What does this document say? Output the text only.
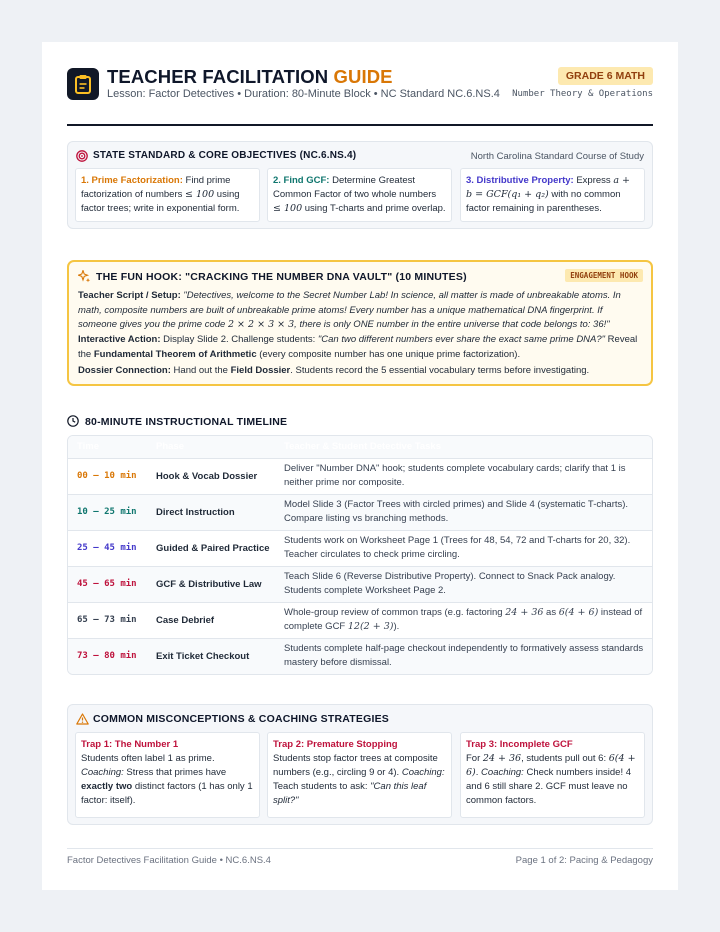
TEACHER FACILITATION GUIDE
Lesson: Factor Detectives • Duration: 80-Minute Block • NC Standard NC.6.NS.4
GRADE 6 MATH
Number Theory & Operations
STATE STANDARD & CORE OBJECTIVES (NC.6.NS.4)	North Carolina Standard Course of Study
1. Prime Factorization: Find prime factorization of numbers ≤ 100 using factor trees; write in exponential form.
2. Find GCF: Determine Greatest Common Factor of two whole numbers ≤ 100 using T-charts and prime overlap.
3. Distributive Property: Express a + b = GCF(q₁ + q₂) with no common factor remaining in parentheses.
THE FUN HOOK: "CRACKING THE NUMBER DNA VAULT" (10 MINUTES)	ENGAGEMENT HOOK

Teacher Script / Setup: "Detectives, welcome to the Secret Number Lab! In science, all matter is made of unbreakable atoms. In math, composite numbers are built of unbreakable prime atoms! Every number has a unique mathematical DNA fingerprint. If someone gives you the prime code 2 × 2 × 3 × 3, there is only ONE number in the entire universe that code belongs to: 36!"

Interactive Action: Display Slide 2. Challenge students: "Can two different numbers ever share the exact same prime DNA?" Reveal the Fundamental Theorem of Arithmetic (every composite number has one unique prime factorization).

Dossier Connection: Hand out the Field Dossier. Students record the 5 essential vocabulary terms before investigating.

80-MINUTE INSTRUCTIONAL TIMELINE
Time	Phase	Teacher & Student Detective Tasks
00 – 10 min Hook & Vocab Dossier
Deliver "Number DNA" hook; students complete vocabulary cards; clarify that 1 is neither prime nor composite.
10 – 25 min Direct Instruction
Model Slide 3 (Factor Trees with circled primes) and Slide 4 (systematic T-charts). Compare listing vs branching methods.
25 – 45 min Guided & Paired Practice
Students work on Worksheet Page 1 (Trees for 48, 54, 72 and T-charts for 20, 32). Teacher circulates to check prime circling.
45 – 65 min GCF & Distributive Law
Teach Slide 6 (Reverse Distributive Property). Connect to Snack Pack analogy. Students complete Worksheet Page 2.
65 – 73 min Case Debrief
Whole-group review of common traps (e.g. factoring 24 + 36 as 6(4 + 6) instead of complete GCF 12(2 + 3)).
73 – 80 min Exit Ticket Checkout
Students complete half-page checkout independently to formatively assess standards mastery before dismissal.
COMMON MISCONCEPTIONS & COACHING STRATEGIES
Trap 1: The Number 1
Students often label 1 as prime. Coaching: Stress that primes have exactly two distinct factors (1 has only 1 factor: itself).
Trap 2: Premature Stopping
Students stop factor trees at composite numbers (e.g., circling 9 or 4). Coaching: Teach students to ask: "Can this leaf split?"
Trap 3: Incomplete GCF
For 24 + 36, students pull out 6: 6(4 + 6). Coaching: Check numbers inside! 4 and 6 still share 2. GCF must leave no common factors.
Factor Detectives Facilitation Guide • NC.6.NS.4	Page 1 of 2: Pacing & Pedagogy
